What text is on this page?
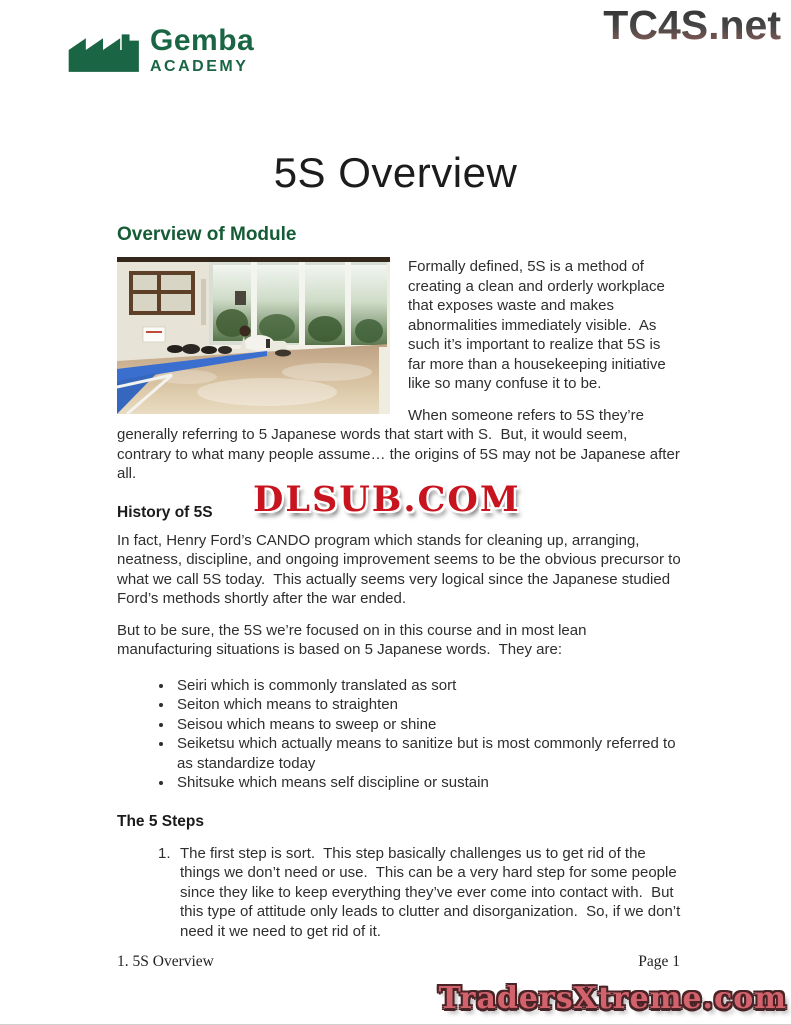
Gemba
ACADEMY
TC4S.net
5S Overview
Overview of Module

Formally defined, 5S is a method of creating a clean and orderly workplace that exposes waste and makes abnormalities immediately visible.  As such it’s important to realize that 5S is far more than a housekeeping initiative like so many confuse it to be.

When someone refers to 5S they’re generally referring to 5 Japanese words that start with S.  But, it would seem, contrary to what many people assume… the origins of 5S may not be Japanese after all.

History of 5S

In fact, Henry Ford’s CANDO program which stands for cleaning up, arranging, neatness, discipline, and ongoing improvement seems to be the obvious precursor to what we call 5S today.  This actually seems very logical since the Japanese studied Ford’s methods shortly after the war ended.

But to be sure, the 5S we’re focused on in this course and in most lean manufacturing situations is based on 5 Japanese words.  They are:

• Seiri which is commonly translated as sort
• Seiton which means to straighten
• Seisou which means to sweep or shine
• Seiketsu which actually means to sanitize but is most commonly referred to as standardize today
• Shitsuke which means self discipline or sustain
The 5 Steps
1. The first step is sort.  This step basically challenges us to get rid of the things we don’t need or use.  This can be a very hard step for some people since they like to keep everything they’ve ever come into contact with.  But this type of attitude only leads to clutter and disorganization.  So, if we don’t need it we need to get rid of it.
1. 5S Overview	Page 1
DLSUB.COM
TradersXtreme.com
